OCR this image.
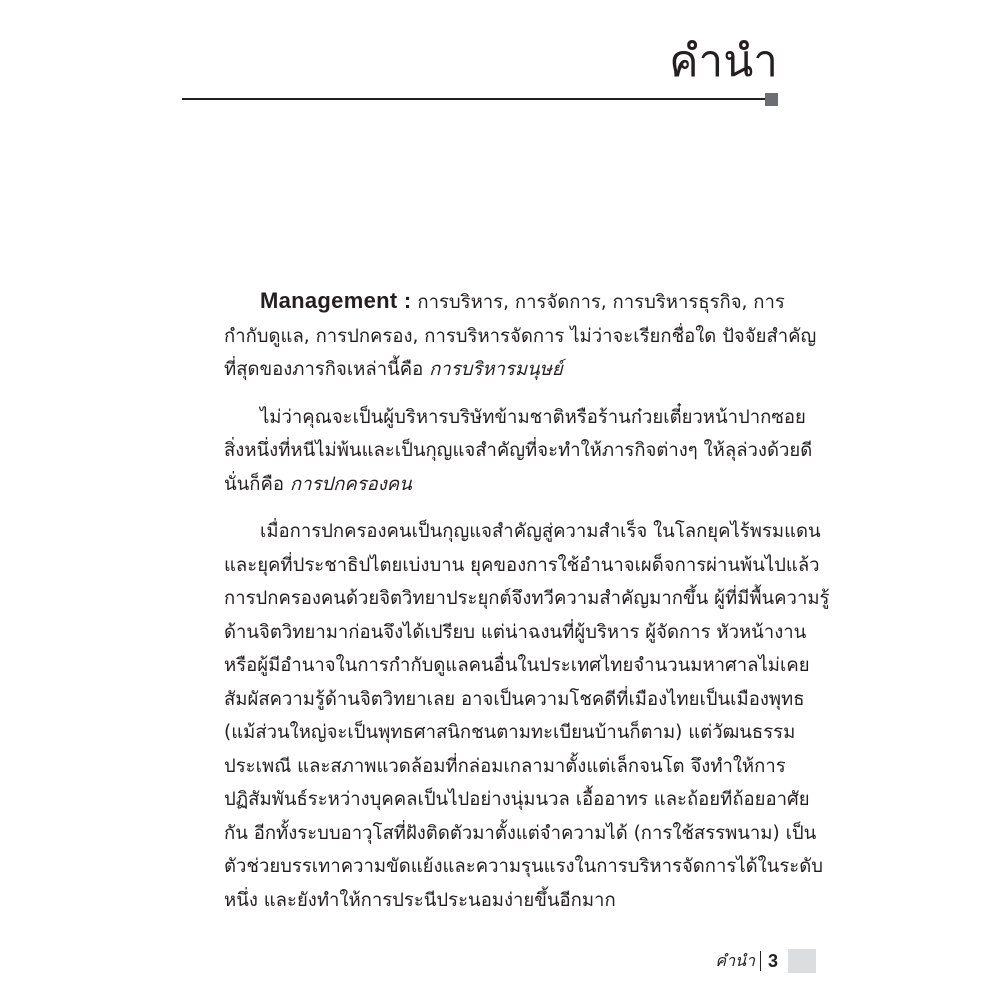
คำนำ

Management : การบริหาร, การจัดการ, การบริหารธุรกิจ, การ
กำกับดูแล, การปกครอง, การบริหารจัดการ ไม่ว่าจะเรียกชื่อใด ปัจจัยสำคัญ
ที่สุดของภารกิจเหล่านี้คือ การบริหารมนุษย์

ไม่ว่าคุณจะเป็นผู้บริหารบริษัทข้ามชาติหรือร้านก๋วยเตี๋ยวหน้าปากซอย
สิ่งหนึ่งที่หนีไม่พ้นและเป็นกุญแจสำคัญที่จะทำให้ภารกิจต่างๆ ให้ลุล่วงด้วยดี
นั่นก็คือ การปกครองคน

เมื่อการปกครองคนเป็นกุญแจสำคัญสู่ความสำเร็จ ในโลกยุคไร้พรมแดน
และยุคที่ประชาธิปไตยเบ่งบาน ยุคของการใช้อำนาจเผด็จการผ่านพ้นไปแล้ว
การปกครองคนด้วยจิตวิทยาประยุกต์จึงทวีความสำคัญมากขึ้น ผู้ที่มีพื้นความรู้
ด้านจิตวิทยามาก่อนจึงได้เปรียบ แต่น่าฉงนที่ผู้บริหาร ผู้จัดการ หัวหน้างาน
หรือผู้มีอำนาจในการกำกับดูแลคนอื่นในประเทศไทยจำนวนมหาศาลไม่เคย
สัมผัสความรู้ด้านจิตวิทยาเลย อาจเป็นความโชคดีที่เมืองไทยเป็นเมืองพุทธ
(แม้ส่วนใหญ่จะเป็นพุทธศาสนิกชนตามทะเบียนบ้านก็ตาม) แต่วัฒนธรรม
ประเพณี และสภาพแวดล้อมที่กล่อมเกลามาตั้งแต่เล็กจนโต จึงทำให้การ
ปฏิสัมพันธ์ระหว่างบุคคลเป็นไปอย่างนุ่มนวล เอื้ออาทร และถ้อยทีถ้อยอาศัย
กัน อีกทั้งระบบอาวุโสที่ฝังติดตัวมาตั้งแต่จำความได้ (การใช้สรรพนาม) เป็น
ตัวช่วยบรรเทาความขัดแย้งและความรุนแรงในการบริหารจัดการได้ในระดับ
หนึ่ง และยังทำให้การประนีประนอมง่ายขึ้นอีกมาก

คำนำ 3
